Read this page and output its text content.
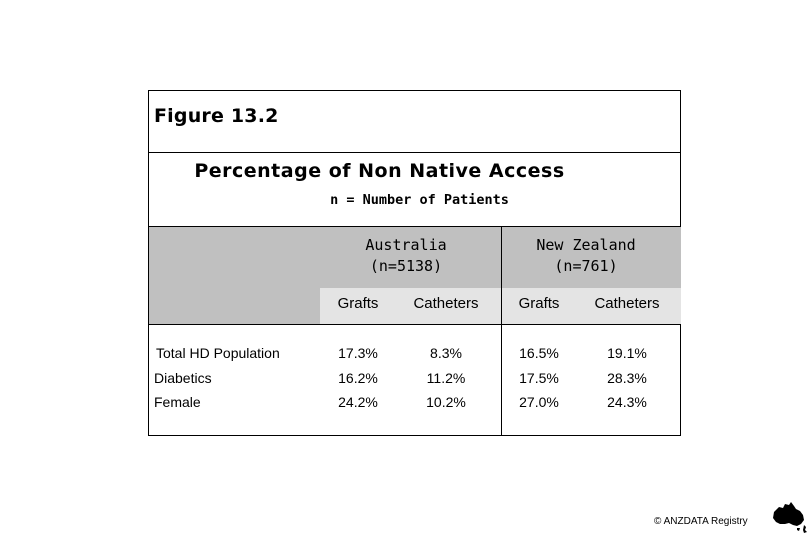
Figure 13.2
Percentage of Non Native Access
n = Number of Patients
Australia
(n=5138)
New Zealand
(n=761)
Grafts	Catheters	Grafts	Catheters
Total HD Population	17.3%	8.3%	16.5%	19.1%
Diabetics	16.2%	11.2%	17.5%	28.3%
Female	24.2%	10.2%	27.0%	24.3%
© ANZDATA Registry
